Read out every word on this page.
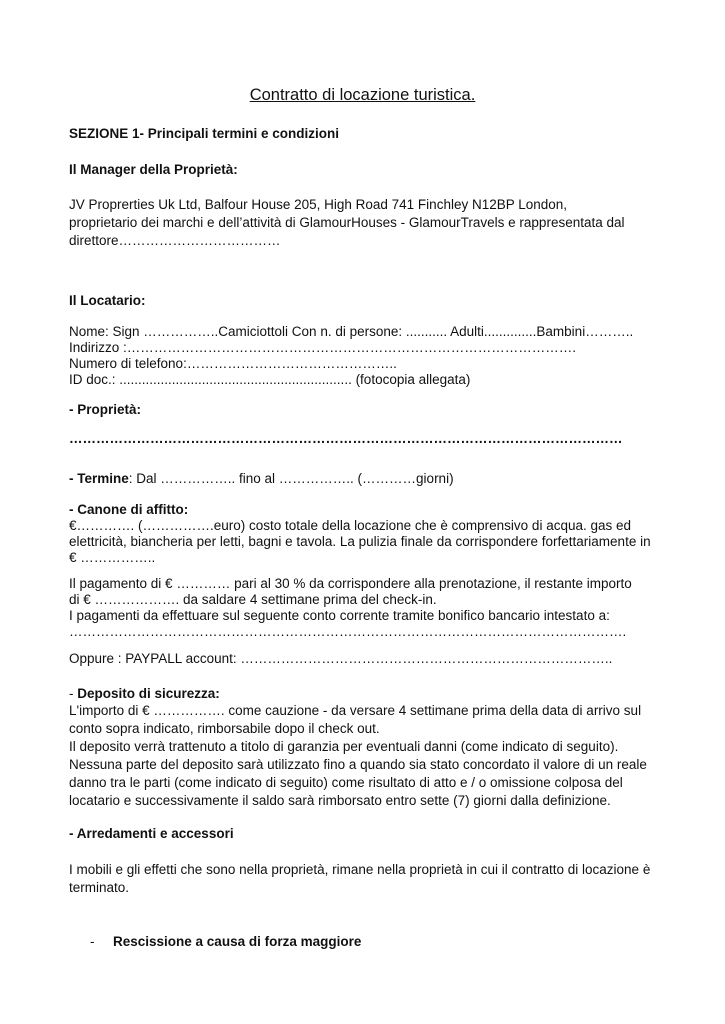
Contratto di locazione turistica.

SEZIONE 1- Principali termini e condizioni

Il Manager della Proprietà:

JV Proprerties Uk Ltd, Balfour House 205, High Road 741 Finchley N12BP London,

proprietario dei marchi e dell’attività di GlamourHouses - GlamourTravels e rappresentata dal

direttore………………………………

Il Locatario:

Nome: Sign ……………..Camiciottoli Con n. di persone: ........... Adulti..............Bambini………..

Indirizzo :……………………………………………………………………………………….

Numero di telefono:………………………………………..

ID doc.: .............................................................. (fotocopia allegata)

- Proprietà:

……………………………………………………………………………………………………………

- Termine: Dal …………….. fino al …………….. (…………giorni)

- Canone di affitto:

€…………. (…………….euro) costo totale della locazione che è comprensivo di acqua. gas ed

elettricità, biancheria per letti, bagni e tavola. La pulizia finale da corrispondere forfettariamente in

€ ……………..

Il pagamento di € ………… pari al 30 % da corrispondere alla prenotazione, il restante importo

di € ………………. da saldare 4 settimane prima del check-in.

I pagamenti da effettuare sul seguente conto corrente tramite bonifico bancario intestato a:

…………………………………………………………………………………………………………….

Oppure : PAYPALL account: ………………………………………………………………………..

- Deposito di sicurezza:

L'importo di € ……………. come cauzione - da versare 4 settimane prima della data di arrivo sul

conto sopra indicato, rimborsabile dopo il check out.

Il deposito verrà trattenuto a titolo di garanzia per eventuali danni (come indicato di seguito).

Nessuna parte del deposito sarà utilizzato fino a quando sia stato concordato il valore di un reale

danno tra le parti (come indicato di seguito) come risultato di atto e / o omissione colposa del

locatario e successivamente il saldo sarà rimborsato entro sette (7) giorni dalla definizione.

- Arredamenti e accessori

I mobili e gli effetti che sono nella proprietà, rimane nella proprietà in cui il contratto di locazione è

terminato.

- Rescissione a causa di forza maggiore
